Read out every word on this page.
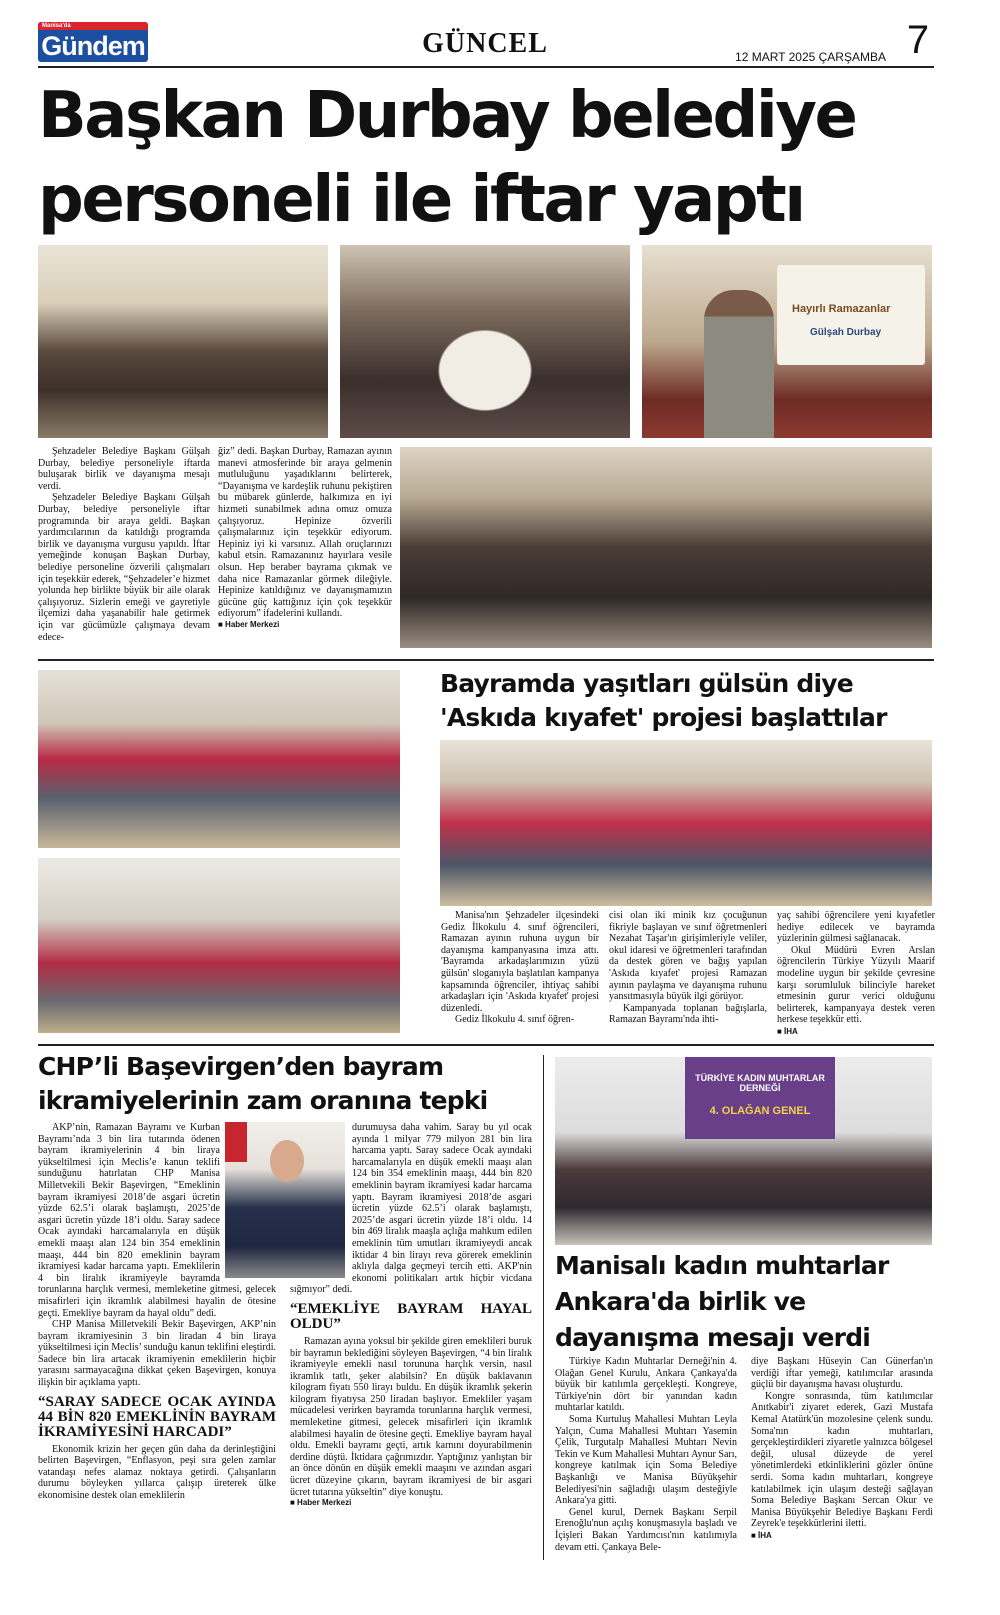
Manisa'da
Gündem	GÜNCEL	12 MART 2025 ÇARŞAMBA 7
Başkan Durbay belediye personeli ile iftar yaptı
Hayırlı Ramazanlar
Gülşah Durbay

Şehzadeler Belediye Başkanı Gülşah Durbay, belediye personeliyle iftarda buluşarak birlik ve dayanışma mesajı verdi.

Şehzadeler Belediye Başkanı Gülşah Durbay, belediye personeliyle iftar programında bir araya geldi. Başkan yardımcılarının da katıldığı programda birlik ve dayanışma vurgusu yapıldı. İftar yemeğinde konuşan Başkan Durbay, belediye personeline özverili çalışmaları için teşekkür ederek, “Şehzadeler’e hizmet yolunda hep birlikte büyük bir aile olarak çalışıyoruz. Sizlerin emeği ve gayretiyle ilçemizi daha yaşanabilir hale getirmek için var gücümüzle çalışmaya devam edece-

ğiz” dedi. Başkan Durbay, Ramazan ayının manevi atmosferinde bir araya gelmenin mutluluğunu yaşadıklarını belirterek, “Dayanışma ve kardeşlik ruhunu pekiştiren bu mübarek günlerde, halkımıza en iyi hizmeti sunabilmek adına omuz omuza çalışıyoruz. Hepinize özverili çalışmalarınız için teşekkür ediyorum. Hepiniz iyi ki varsınız. Allah oruçlarınızı kabul etsin. Ramazanınız hayırlara vesile olsun. Hep beraber bayrama çıkmak ve daha nice Ramazanlar görmek dileğiyle. Hepinize katıldığınız ve dayanışmamızın gücüne güç kattığınız için çok teşekkür ediyorum” ifadelerini kullandı.

■ Haber Merkezi
Bayramda yaşıtları gülsün diye 'Askıda kıyafet' projesi başlattılar

Manisa'nın Şehzadeler ilçesindeki Gediz İlkokulu 4. sınıf öğrencileri, Ramazan ayının ruhuna uygun bir dayanışma kampanyasına imza attı. 'Bayramda arkadaşlarımızın yüzü gülsün' sloganıyla başlatılan kampanya kapsamında öğrenciler, ihtiyaç sahibi arkadaşları için 'Askıda kıyafet' projesi düzenledi.

Gediz İlkokulu 4. sınıf öğren-

cisi olan iki minik kız çocuğunun fikriyle başlayan ve sınıf öğretmenleri Nezahat Taşar'ın girişimleriyle veliler, okul idaresi ve öğretmenleri tarafından da destek gören ve bağış yapılan 'Askıda kıyafet' projesi Ramazan ayının paylaşma ve dayanışma ruhunu yansıtmasıyla büyük ilgi görüyor.

Kampanyada toplanan bağışlarla, Ramazan Bayramı'nda ihti-

yaç sahibi öğrencilere yeni kıyafetler hediye edilecek ve bayramda yüzlerinin gülmesi sağlanacak.

Okul Müdürü Evren Arslan öğrencilerin Türkiye Yüzyılı Maarif modeline uygun bir şekilde çevresine karşı sorumluluk bilinciyle hareket etmesinin gurur verici olduğunu belirterek, kampanyaya destek veren herkese teşekkür etti.

■ İHA
CHP’li Başevirgen’den bayram ikramiyelerinin zam oranına tepki

AKP’nin, Ramazan Bayramı ve Kurban Bayramı’nda 3 bin lira tutarında ödenen bayram ikramiyelerinin 4 bin liraya yükseltilmesi için Meclis’e kanun teklifi sunduğunu hatırlatan CHP Manisa Milletvekili Bekir Başevirgen, “Emeklinin bayram ikramiyesi 2018’de asgari ücretin yüzde 62.5’i olarak başlamıştı, 2025’de asgari ücretin yüzde 18’i oldu. Saray sadece Ocak ayındaki harcamalarıyla en düşük emekli maaşı alan 124 bin 354 emeklinin maaşı, 444 bin 820 emeklinin bayram ikramiyesi kadar harcama yaptı. Emeklilerin 4 bin liralık ikramiyeyle bayramda torunlarına harçlık vermesi, memleketine gitmesi, gelecek misafirleri için ikramlık alabilmesi hayalin de ötesine geçti. Emekliye bayram da hayal oldu” dedi.

CHP Manisa Milletvekili Bekir Başevirgen, AKP’nin bayram ikramiyesinin 3 bin liradan 4 bin liraya yükseltilmesi için Meclis’ sunduğu kanun teklifini eleştirdi. Sadece bin lira artacak ikramiyenin emeklilerin hiçbir yarasını sarmayacağına dikkat çeken Başevirgen, konuya ilişkin bir açıklama yaptı.

“SARAY SADECE OCAK AYINDA 44 BİN 820 EMEKLİNİN BAYRAM İKRAMİYESİNİ HARCADI”

Ekonomik krizin her geçen gün daha da derinleştiğini belirten Başevirgen, “Enflasyon, peşi sıra gelen zamlar vatandaşı nefes alamaz noktaya getirdi. Çalışanların durumu böyleyken yıllarca çalışıp üreterek ülke ekonomisine destek olan emeklilerin

durumuysa daha vahim. Saray bu yıl ocak ayında 1 milyar 779 milyon 281 bin lira harcama yaptı. Saray sadece Ocak ayındaki harcamalarıyla en düşük emekli maaşı alan 124 bin 354 emeklinin maaşı, 444 bin 820 emeklinin bayram ikramiyesi kadar harcama yaptı. Bayram ikramiyesi 2018’de asgari ücretin yüzde 62.5’i olarak başlamıştı, 2025’de asgari ücretin yüzde 18’i oldu. 14 bin 469 liralık maaşla açlığa mahkum edilen emeklinin tüm umutları ikramiyeydi ancak iktidar 4 bin lirayı reva görerek emeklinin aklıyla dalga geçmeyi tercih etti. AKP'nin ekonomi politikaları artık hiçbir vicdana sığmıyor” dedi.

“EMEKLİYE BAYRAM HAYAL OLDU”

Ramazan ayına yoksul bir şekilde giren emeklileri buruk bir bayramın beklediğini söyleyen Başevirgen, “4 bin liralık ikramiyeyle emekli nasıl torununa harçlık versin, nasıl ikramlık tatlı, şeker alabilsin? En düşük baklavanın kilogram fiyatı 550 lirayı buldu. En düşük ikramlık şekerin kilogram fiyatıysa 250 liradan başlıyor. Emekliler yaşam mücadelesi verirken bayramda torunlarına harçlık vermesi, memleketine gitmesi, gelecek misafirleri için ikramlık alabilmesi hayalin de ötesine geçti. Emekliye bayram hayal oldu. Emekli bayramı geçti, artık karnını doyurabilmenin derdine düştü. İktidara çağrımızdır. Yaptığınız yanlıştan bir an önce dönün en düşük emekli maaşını ve azından asgari ücret düzeyine çıkarın, bayram ikramiyesi de bir asgari ücret tutarına yükseltin” diye konuştu.

■ Haber Merkezi
TÜRKİYE KADIN MUHTARLAR DERNEĞİ
4. OLAĞAN GENEL
Manisalı kadın muhtarlar Ankara'da birlik ve dayanışma mesajı verdi

Türkiye Kadın Muhtarlar Derneği'nin 4. Olağan Genel Kurulu, Ankara Çankaya'da büyük bir katılımla gerçekleşti. Kongreye, Türkiye'nin dört bir yanından kadın muhtarlar katıldı.

Soma Kurtuluş Mahallesi Muhtarı Leyla Yalçın, Cuma Mahallesi Muhtarı Yasemin Çelik, Turgutalp Mahallesi Muhtarı Nevin Tekin ve Kum Mahallesi Muhtarı Aynur Sarı, kongreye katılmak için Soma Belediye Başkanlığı ve Manisa Büyükşehir Belediyesi'nin sağladığı ulaşım desteğiyle Ankara'ya gitti.

Genel kurul, Dernek Başkanı Serpil Erenoğlu'nun açılış konuşmasıyla başladı ve İçişleri Bakan Yardımcısı'nın katılımıyla devam etti. Çankaya Bele-

diye Başkanı Hüseyin Can Günerfan'ın verdiği iftar yemeği, katılımcılar arasında güçlü bir dayanışma havası oluşturdu.

Kongre sonrasında, tüm katılımcılar Anıtkabir'i ziyaret ederek, Gazi Mustafa Kemal Atatürk'ün mozolesine çelenk sundu. Soma'nın kadın muhtarları, gerçekleştirdikleri ziyaretle yalnızca bölgesel değil, ulusal düzeyde de yerel yönetimlerdeki etkinliklerini gözler önüne serdi. Soma kadın muhtarları, kongreye katılabilmek için ulaşım desteği sağlayan Soma Belediye Başkanı Sercan Okur ve Manisa Büyükşehir Belediye Başkanı Ferdi Zeyrek'e teşekkürlerini iletti.

■ İHA
